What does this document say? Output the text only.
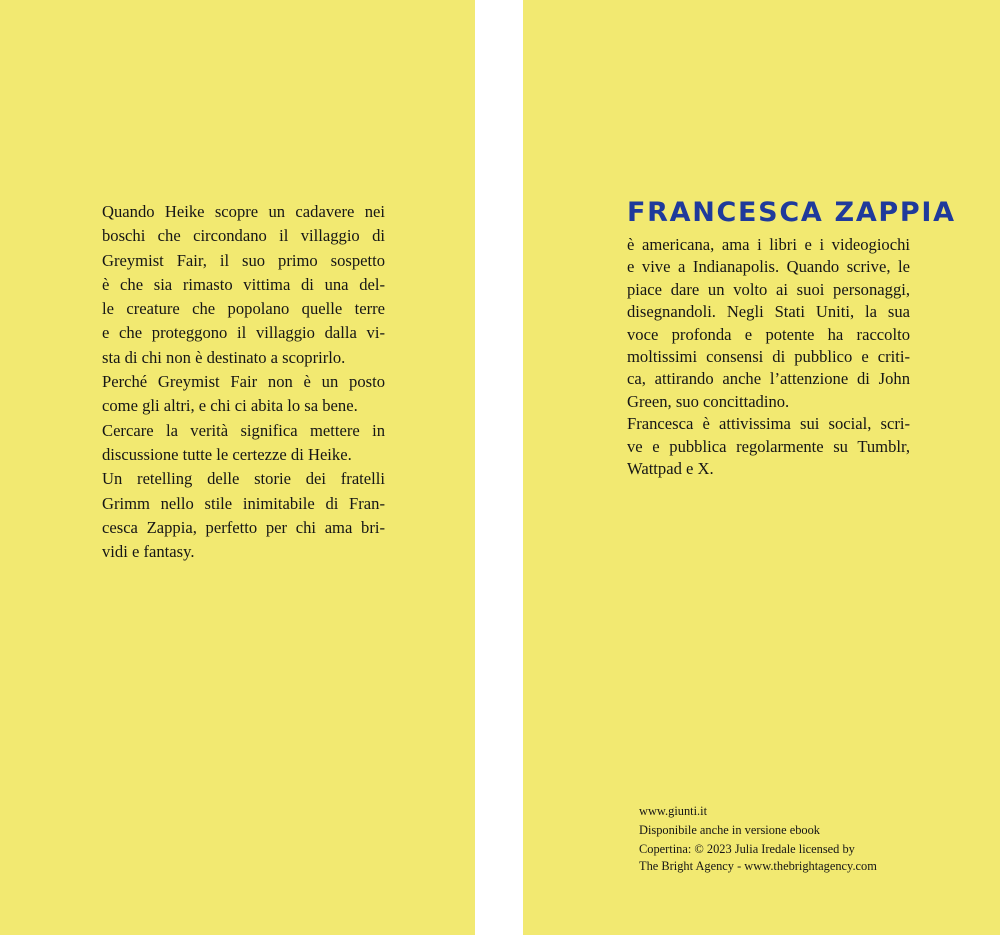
Quando Heike scopre un cadavere nei
boschi che circondano il villaggio di
Greymist Fair, il suo primo sospetto
è che sia rimasto vittima di una del-
le creature che popolano quelle terre
e che proteggono il villaggio dalla vi-
sta di chi non è destinato a scoprirlo.
Perché Greymist Fair non è un posto
come gli altri, e chi ci abita lo sa bene.
Cercare la verità significa mettere in
discussione tutte le certezze di Heike.
Un retelling delle storie dei fratelli
Grimm nello stile inimitabile di Fran-
cesca Zappia, perfetto per chi ama bri-
vidi e fantasy.
FRANCESCA ZAPPIA
è americana, ama i libri e i videogiochi
e vive a Indianapolis. Quando scrive, le
piace dare un volto ai suoi personaggi,
disegnandoli. Negli Stati Uniti, la sua
voce profonda e potente ha raccolto
moltissimi consensi di pubblico e criti-
ca, attirando anche l’attenzione di John
Green, suo concittadino.
Francesca è attivissima sui social, scri-
ve e pubblica regolarmente su Tumblr,
Wattpad e X.
www.giunti.it
Disponibile anche in versione ebook
Copertina: © 2023 Julia Iredale licensed by
The Bright Agency - www.thebrightagency.com
